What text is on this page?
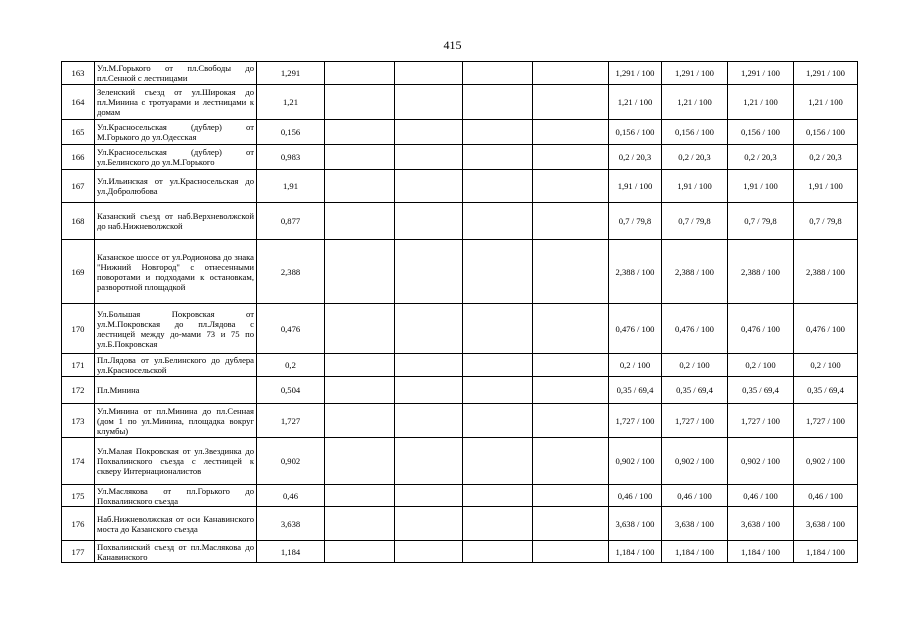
415
163	Ул.М.Горького от пл.Свободы до пл.Сенной с лестницами	1,291					1,291 / 100	1,291 / 100	1,291 / 100	1,291 / 100
164	Зеленский съезд от ул.Широкая до пл.Минина с тротуарами и лестницами к домам	1,21					1,21 / 100	1,21 / 100	1,21 / 100	1,21 / 100
165	Ул.Красносельская (дублер) от М.Горького до ул.Одесская	0,156					0,156 / 100	0,156 / 100	0,156 / 100	0,156 / 100
166	Ул.Красносельская (дублер) от ул.Белинского до ул.М.Горького	0,983					0,2 / 20,3	0,2 / 20,3	0,2 / 20,3	0,2 / 20,3
167	Ул.Ильинская от ул.Красносельская до ул.Добролюбова	1,91					1,91 / 100	1,91 / 100	1,91 / 100	1,91 / 100
168	Казанский съезд от наб.Верхневолжской до наб.Нижневолжской	0,877					0,7 / 79,8	0,7 / 79,8	0,7 / 79,8	0,7 / 79,8
169	Казанское шоссе от ул.Родионова до знака "Нижний Новгород" с отнесенными поворотами и подходами к остановкам, разворотной площадкой	2,388					2,388 / 100	2,388 / 100	2,388 / 100	2,388 / 100
170	Ул.Большая Покровская от ул.М.Покровская до пл.Лядова с лестницей между до-мами 73 и 75 по ул.Б.Покровская	0,476					0,476 / 100	0,476 / 100	0,476 / 100	0,476 / 100
171	Пл.Лядова от ул.Белинского до дублера ул.Красносельской	0,2					0,2 / 100	0,2 / 100	0,2 / 100	0,2 / 100
172	Пл.Минина	0,504					0,35 / 69,4	0,35 / 69,4	0,35 / 69,4	0,35 / 69,4
173	Ул.Минина от пл.Минина до пл.Сенная (дом 1 по ул.Минина, площадка вокруг клумбы)	1,727					1,727 / 100	1,727 / 100	1,727 / 100	1,727 / 100
174	Ул.Малая Покровская от ул.Звездинка до Похвалинского съезда с лестницей к скверу Интернационалистов	0,902					0,902 / 100	0,902 / 100	0,902 / 100	0,902 / 100
175	Ул.Маслякова от пл.Горького до Похвалинского съезда	0,46					0,46 / 100	0,46 / 100	0,46 / 100	0,46 / 100
176	Наб.Нижневолжская от оси Канавинского моста до Казанского съезда	3,638					3,638 / 100	3,638 / 100	3,638 / 100	3,638 / 100
177	Похвалинский съезд от пл.Маслякова до Канавинского	1,184					1,184 / 100	1,184 / 100	1,184 / 100	1,184 / 100
